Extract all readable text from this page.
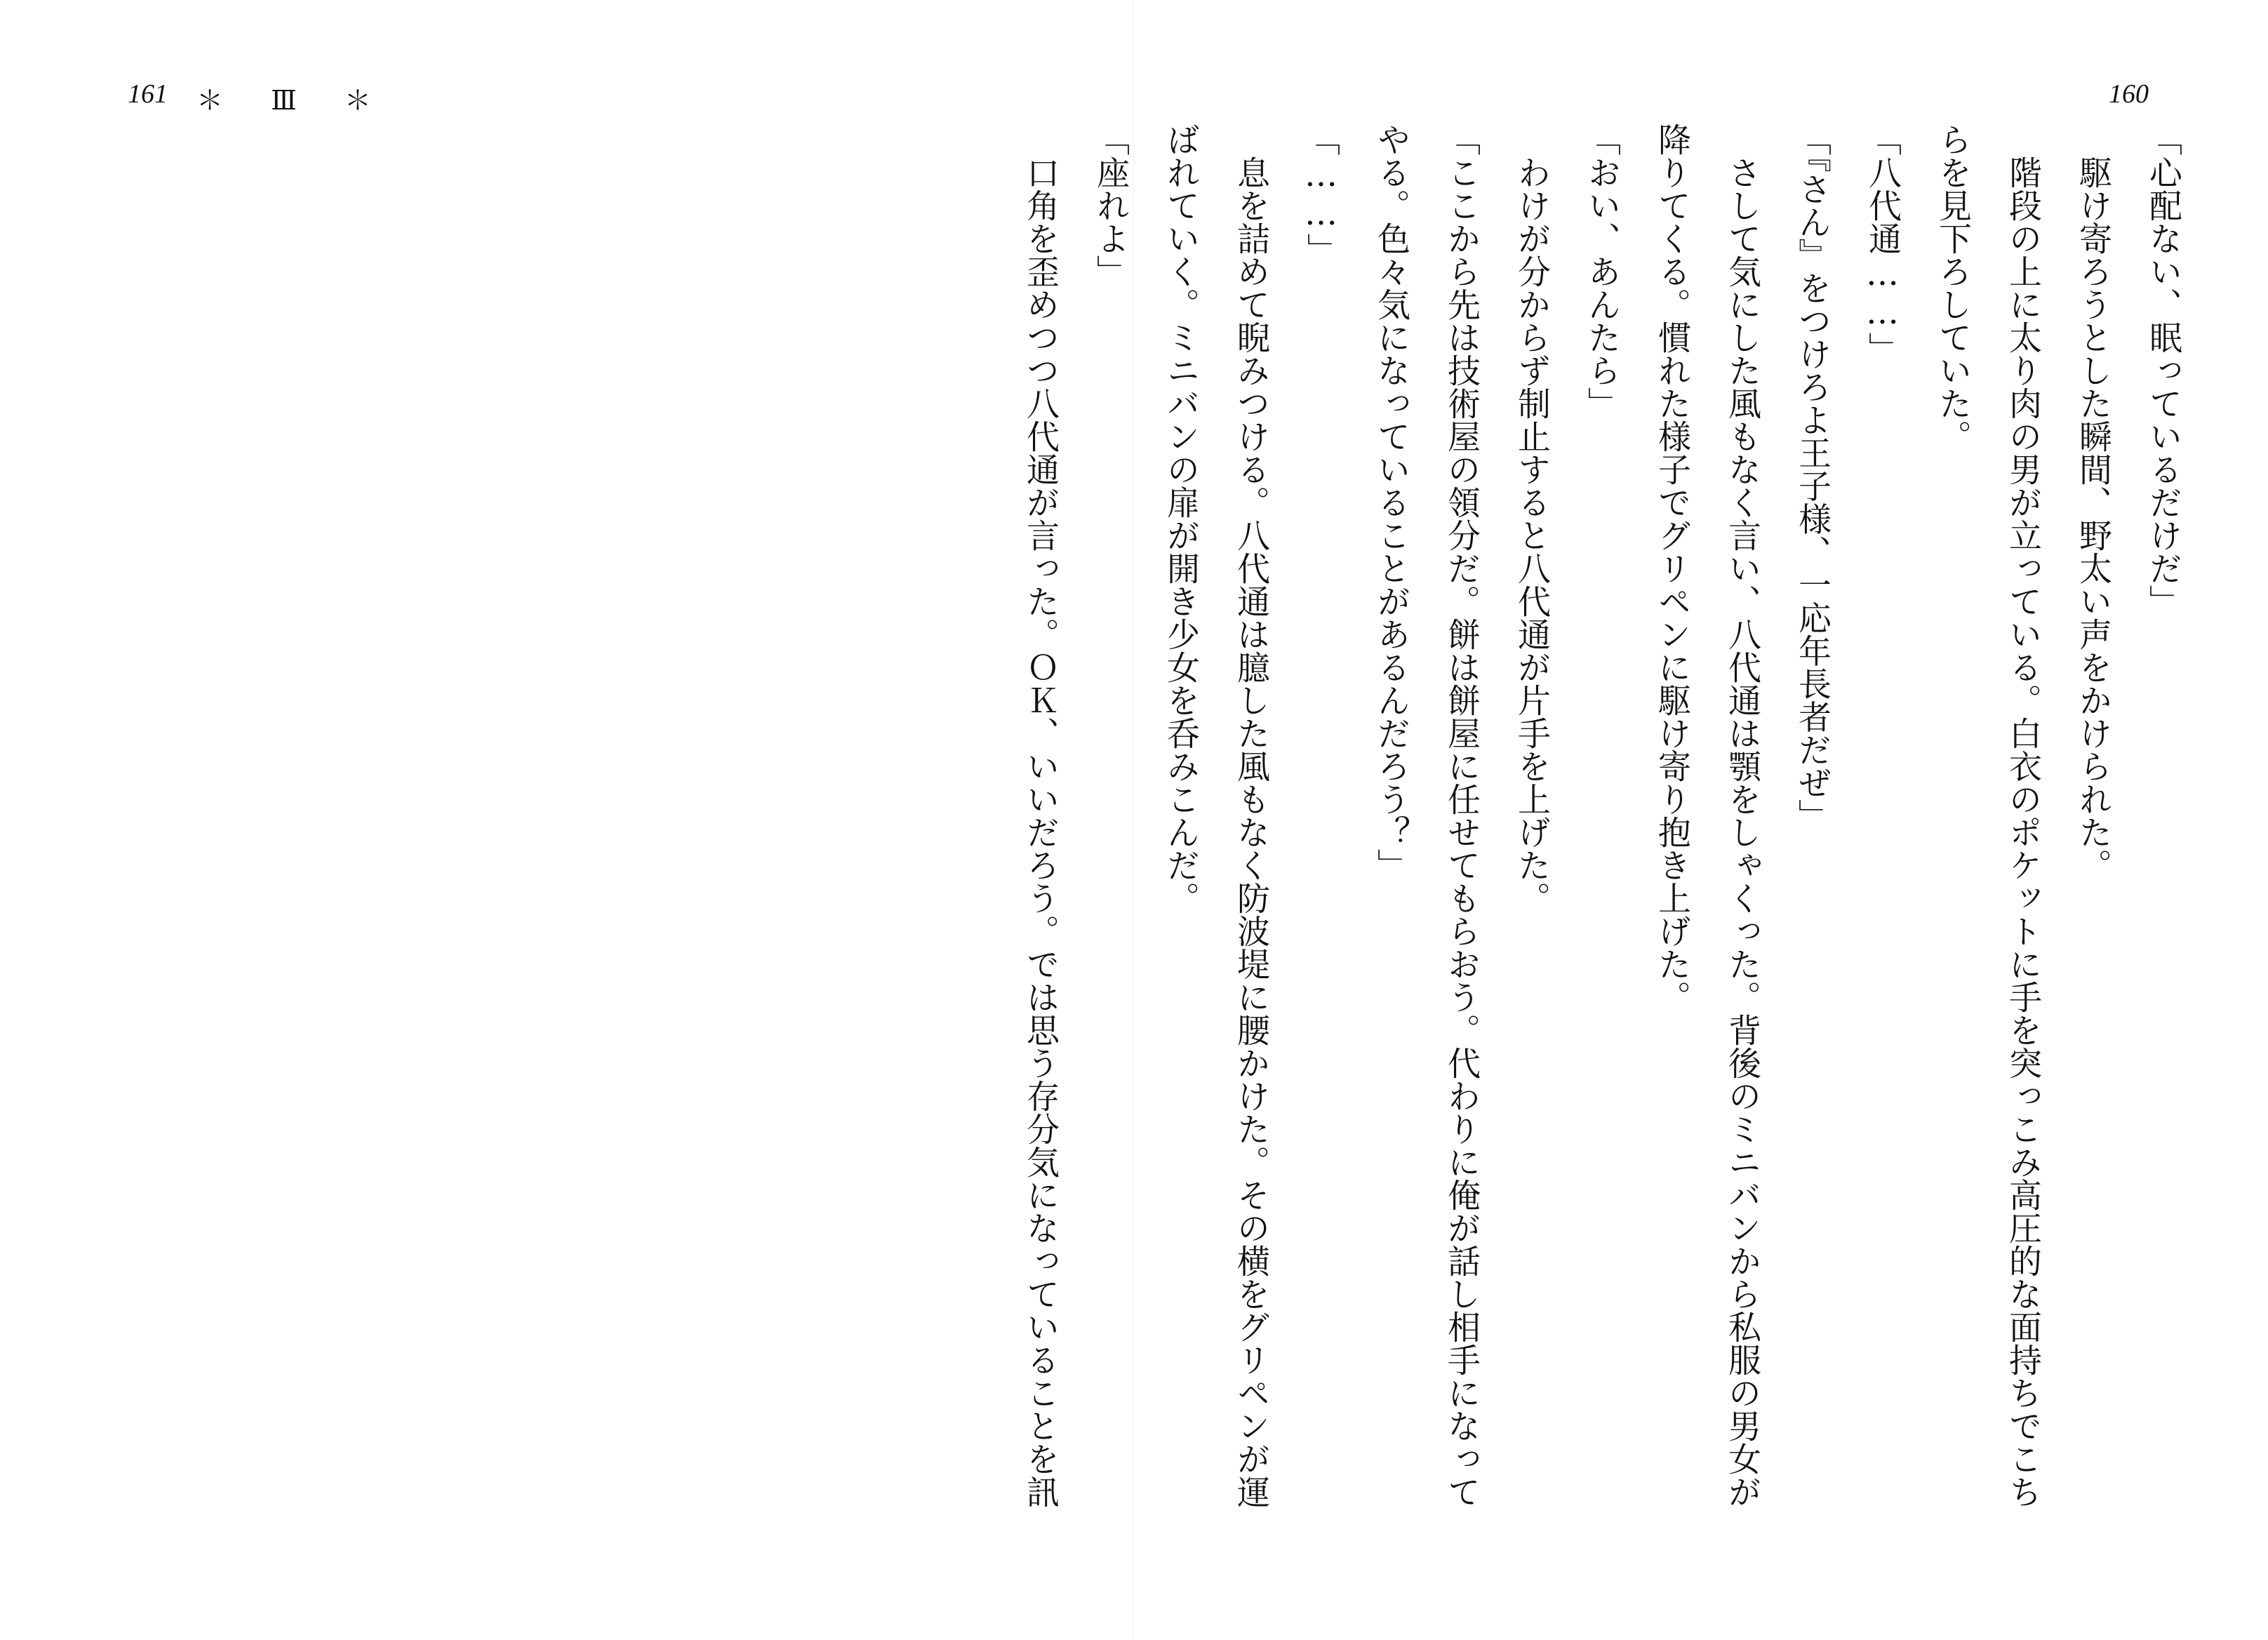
161 ＊ Ⅲ ＊	160
「心配ない、眠っているだけだ」
　駆け寄ろうとした瞬間、野太い声をかけられた。
　階段の上に太り肉の男が立っている。白衣のポケットに手を突っこみ高圧的な面持ちでこち
らを見下ろしていた。
「八代通……」
「『さん』をつけろよ王子様、一応年長者だぜ」
　さして気にした風もなく言い、八代通は顎をしゃくった。背後のミニバンから私服の男女が
降りてくる。慣れた様子でグリペンに駆け寄り抱き上げた。
「おい、あんたら」
　わけが分からず制止すると八代通が片手を上げた。
「ここから先は技術屋の領分だ。餅は餅屋に任せてもらおう。代わりに俺が話し相手になって
やる。色々気になっていることがあるんだろう？」
「……」
　息を詰めて睨みつける。八代通は臆した風もなく防波堤に腰かけた。その横をグリペンが運
ばれていく。ミニバンの扉が開き少女を呑みこんだ。
「座れよ」
　口角を歪めつつ八代通が言った。ＯＫ、いいだろう。では思う存分気になっていることを訊
